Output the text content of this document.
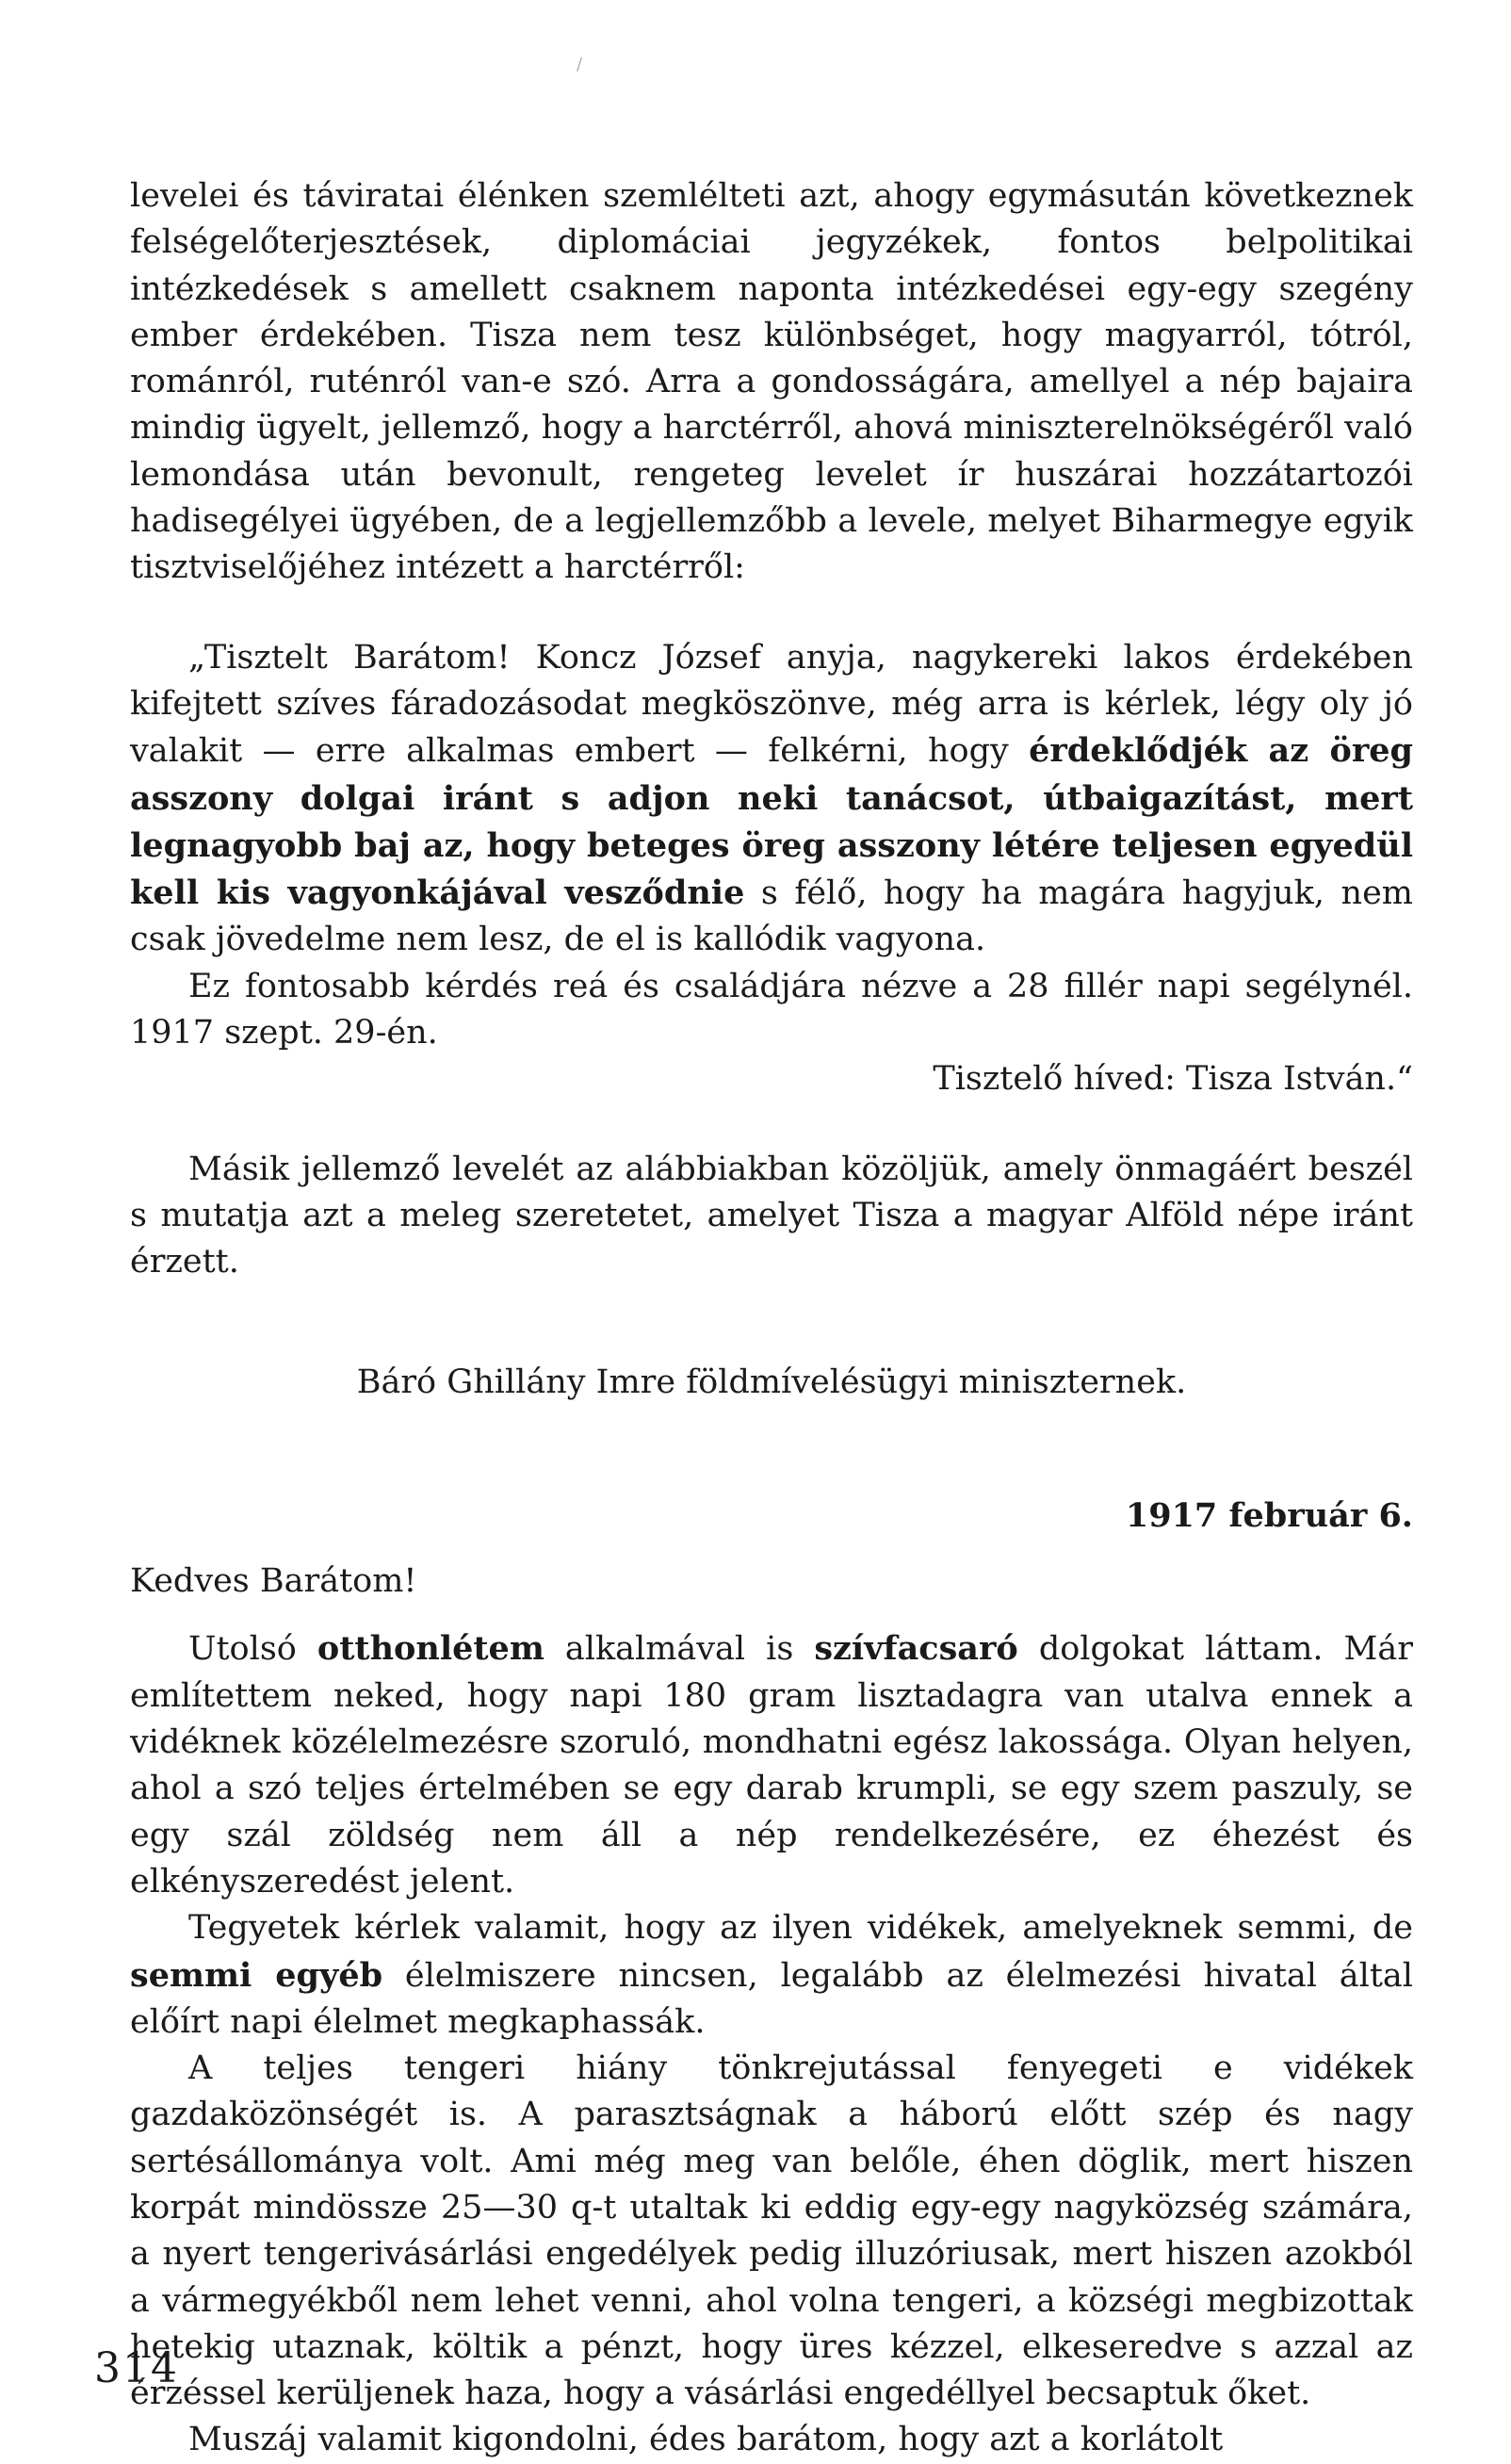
/

levelei és táviratai élénken szemlélteti azt, ahogy egymásután következnek felségelőterjesztések, diplomáciai jegyzékek, fontos belpolitikai intézkedések s amellett csaknem naponta intézkedései egy-egy szegény ember érdekében. Tisza nem tesz különbséget, hogy magyarról, tótról, románról, ruténról van-e szó. Arra a gondosságára, amellyel a nép bajaira mindig ügyelt, jellemző, hogy a harctérről, ahová miniszterelnökségéről való lemondása után bevonult, rengeteg levelet ír huszárai hozzátartozói hadisegélyei ügyében, de a legjellemzőbb a levele, melyet Biharmegye egyik tisztviselőjéhez intézett a harctérről:

„Tisztelt Barátom! Koncz József anyja, nagykereki lakos érdekében kifejtett szíves fáradozásodat megköszönve, még arra is kérlek, légy oly jó valakit — erre alkalmas embert — felkérni, hogy érdeklődjék az öreg asszony dolgai iránt s adjon neki tanácsot, útbaigazítást, mert legnagyobb baj az, hogy beteges öreg asszony létére teljesen egyedül kell kis vagyonkájával vesződnie s félő, hogy ha magára hagyjuk, nem csak jövedelme nem lesz, de el is kallódik vagyona.

Ez fontosabb kérdés reá és családjára nézve a 28 fillér napi segélynél. 1917 szept. 29-én.

Tisztelő híved: Tisza István.“

Másik jellemző levelét az alábbiakban közöljük, amely önmagáért beszél s mutatja azt a meleg szeretetet, amelyet Tisza a magyar Alföld népe iránt érzett.

Báró Ghillány Imre földmívelésügyi miniszternek.

1917 február 6.

Kedves Barátom!

Utolsó otthonlétem alkalmával is szívfacsaró dolgokat láttam. Már említettem neked, hogy napi 180 gram lisztadagra van utalva ennek a vidéknek közélelmezésre szoruló, mondhatni egész lakossága. Olyan helyen, ahol a szó teljes értelmében se egy darab krumpli, se egy szem paszuly, se egy szál zöldség nem áll a nép rendelkezésére, ez éhezést és elkényszeredést jelent.

Tegyetek kérlek valamit, hogy az ilyen vidékek, amelyeknek semmi, de semmi egyéb élelmiszere nincsen, legalább az élelmezési hivatal által előírt napi élelmet megkaphassák.

A teljes tengeri hiány tönkrejutással fenyegeti e vidékek gazdaközönségét is. A parasztságnak a háború előtt szép és nagy sertésállománya volt. Ami még meg van belőle, éhen döglik, mert hiszen korpát mindössze 25—30 q-t utaltak ki eddig egy-egy nagyközség számára, a nyert tengerivásárlási engedélyek pedig illuzóriusak, mert hiszen azokból a vármegyékből nem lehet venni, ahol volna tengeri, a községi megbizottak hetekig utaznak, költik a pénzt, hogy üres kézzel, elkeseredve s azzal az érzéssel kerüljenek haza, hogy a vásárlási engedéllyel becsaptuk őket.

Muszáj valamit kigondolni, édes barátom, hogy azt a korlátolt

314
